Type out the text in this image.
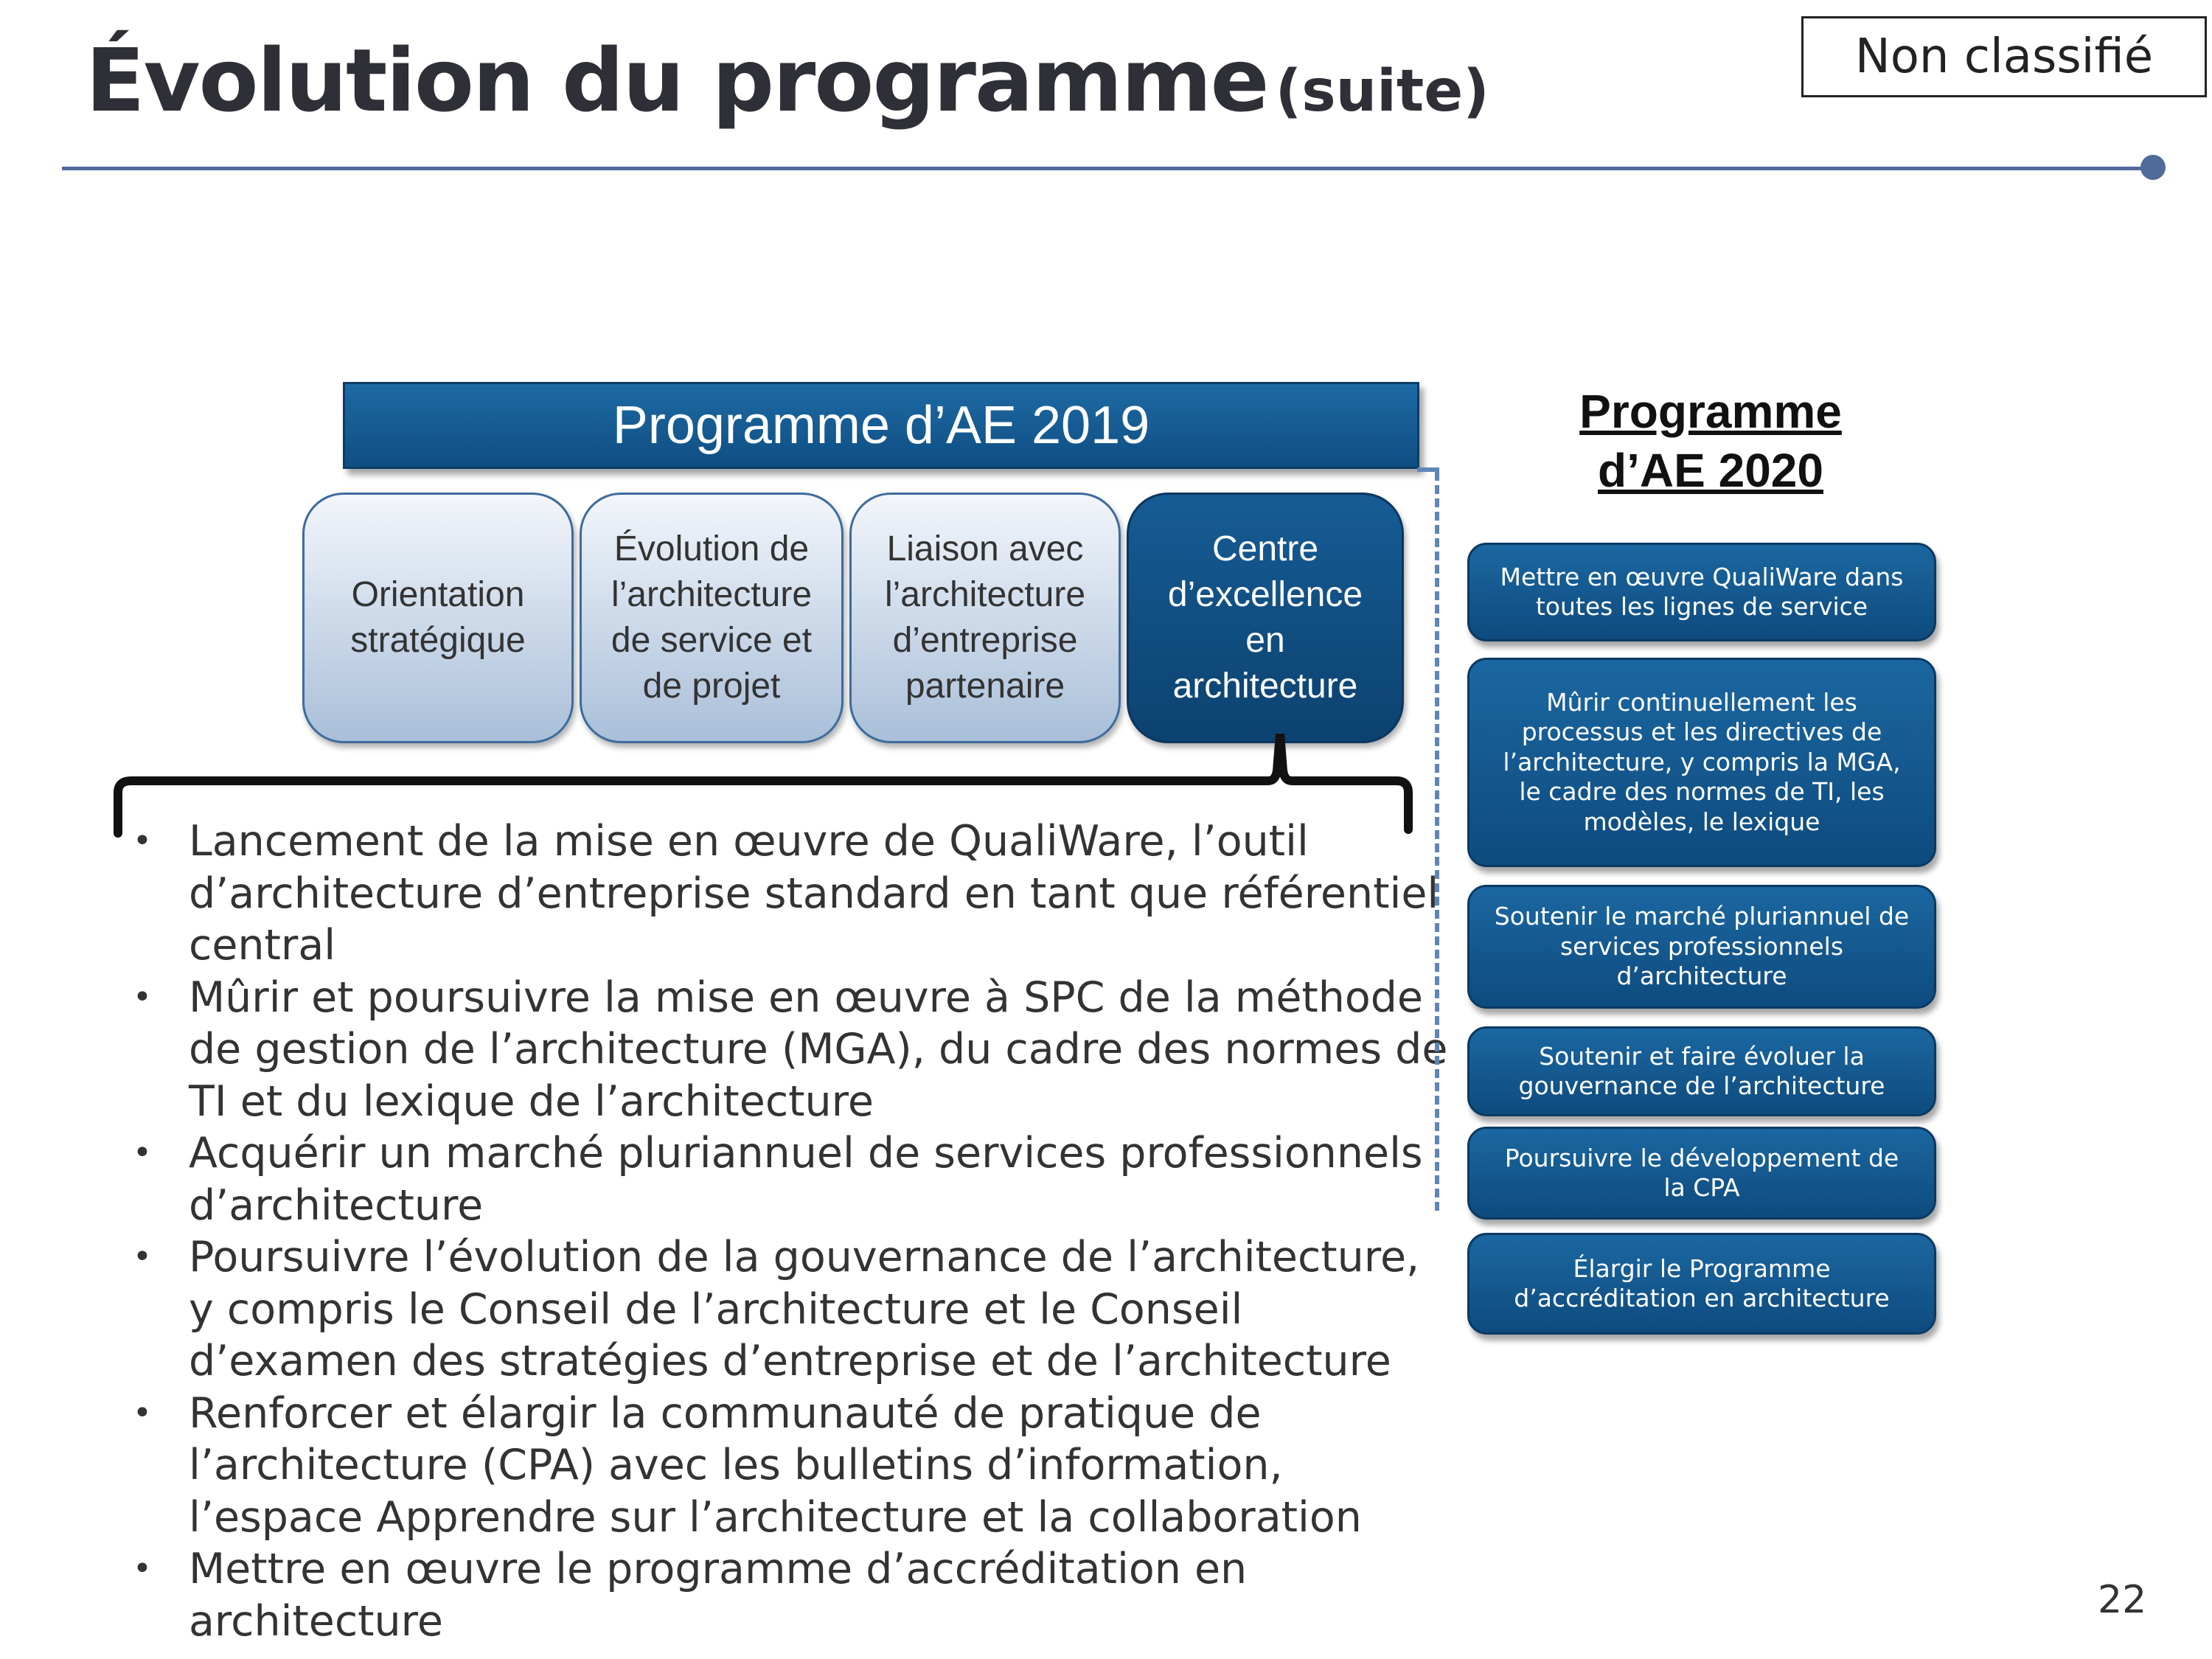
Évolution du programme (suite)
Non classifié
Programme d’AE 2019
Orientation
stratégique
Évolution de
l’architecture
de service et
de projet
Liaison avec
l’architecture
d’entreprise
partenaire
Centre
d’excellence
en
architecture
• Lancement de la mise en œuvre de QualiWare, l’outil d’architecture d’entreprise standard en tant que référentiel central
• Mûrir et poursuivre la mise en œuvre à SPC de la méthode de gestion de l’architecture (MGA), du cadre des normes de TI et du lexique de l’architecture
• Acquérir un marché pluriannuel de services professionnels d’architecture
• Poursuivre l’évolution de la gouvernance de l’architecture, y compris le Conseil de l’architecture et le Conseil d’examen des stratégies d’entreprise et de l’architecture
• Renforcer et élargir la communauté de pratique de l’architecture (CPA) avec les bulletins d’information, l’espace Apprendre sur l’architecture et la collaboration
• Mettre en œuvre le programme d’accréditation en architecture
Programme
d’AE 2020
Mettre en œuvre QualiWare dans toutes les lignes de service
Mûrir continuellement les processus et les directives de l’architecture, y compris la MGA, le cadre des normes de TI, les modèles, le lexique
Soutenir le marché pluriannuel de services professionnels d’architecture
Soutenir et faire évoluer la gouvernance de l’architecture
Poursuivre le développement de la CPA
Élargir le Programme d’accréditation en architecture
22
